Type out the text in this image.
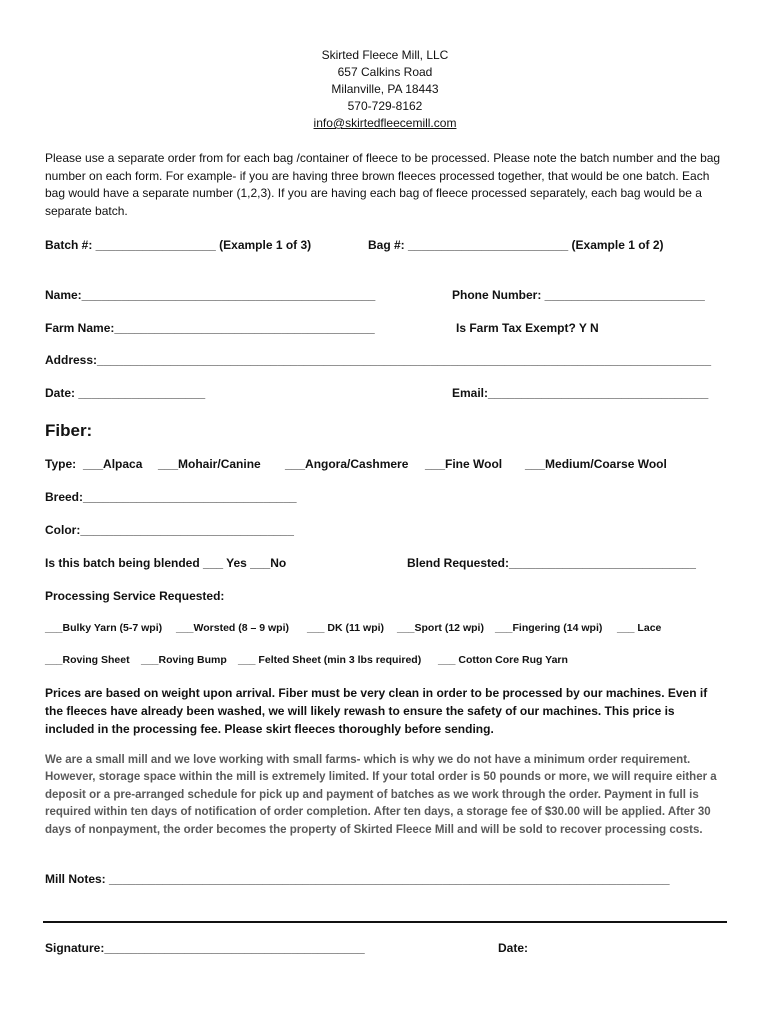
Skirted Fleece Mill, LLC
657 Calkins Road
Milanville, PA 18443
570-729-8162
info@skirtedfleecemill.com
Please use a separate order from for each bag /container of fleece to be processed. Please note the batch number and the bag number on each form. For example- if you are having three brown fleeces processed together, that would be one batch. Each bag would have a separate number (1,2,3). If you are having each bag of fleece processed separately, each bag would be a separate batch.
Batch #: __________________ (Example 1 of 3)	Bag #: ________________________ (Example 1 of 2)
Name:____________________________________________	Phone Number: ________________________
Farm Name:_______________________________________	Is Farm Tax Exempt? Y N
Address:____________________________________________________________________________________________
Date: ___________________	Email:_________________________________
Fiber:
Type: ___Alpaca ___Mohair/Canine ___Angora/Cashmere ___Fine Wool ___Medium/Coarse Wool
Breed:________________________________
Color:________________________________
Is this batch being blended ___ Yes ___No	Blend Requested:____________________________
Processing Service Requested:
___Bulky Yarn (5-7 wpi) ___Worsted (8 – 9 wpi) ___ DK (11 wpi) ___Sport (12 wpi) ___Fingering (14 wpi) ___ Lace
___Roving Sheet ___Roving Bump ___ Felted Sheet (min 3 lbs required) ___ Cotton Core Rug Yarn
Prices are based on weight upon arrival. Fiber must be very clean in order to be processed by our machines. Even if the fleeces have already been washed, we will likely rewash to ensure the safety of our machines. This price is included in the processing fee. Please skirt fleeces thoroughly before sending.
We are a small mill and we love working with small farms- which is why we do not have a minimum order requirement. However, storage space within the mill is extremely limited. If your total order is 50 pounds or more, we will require either a deposit or a pre-arranged schedule for pick up and payment of batches as we work through the order. Payment in full is required within ten days of notification of order completion. After ten days, a storage fee of $30.00 will be applied. After 30 days of nonpayment, the order becomes the property of Skirted Fleece Mill and will be sold to recover processing costs.
Mill Notes: ____________________________________________________________________________________
Signature:_______________________________________	Date:
